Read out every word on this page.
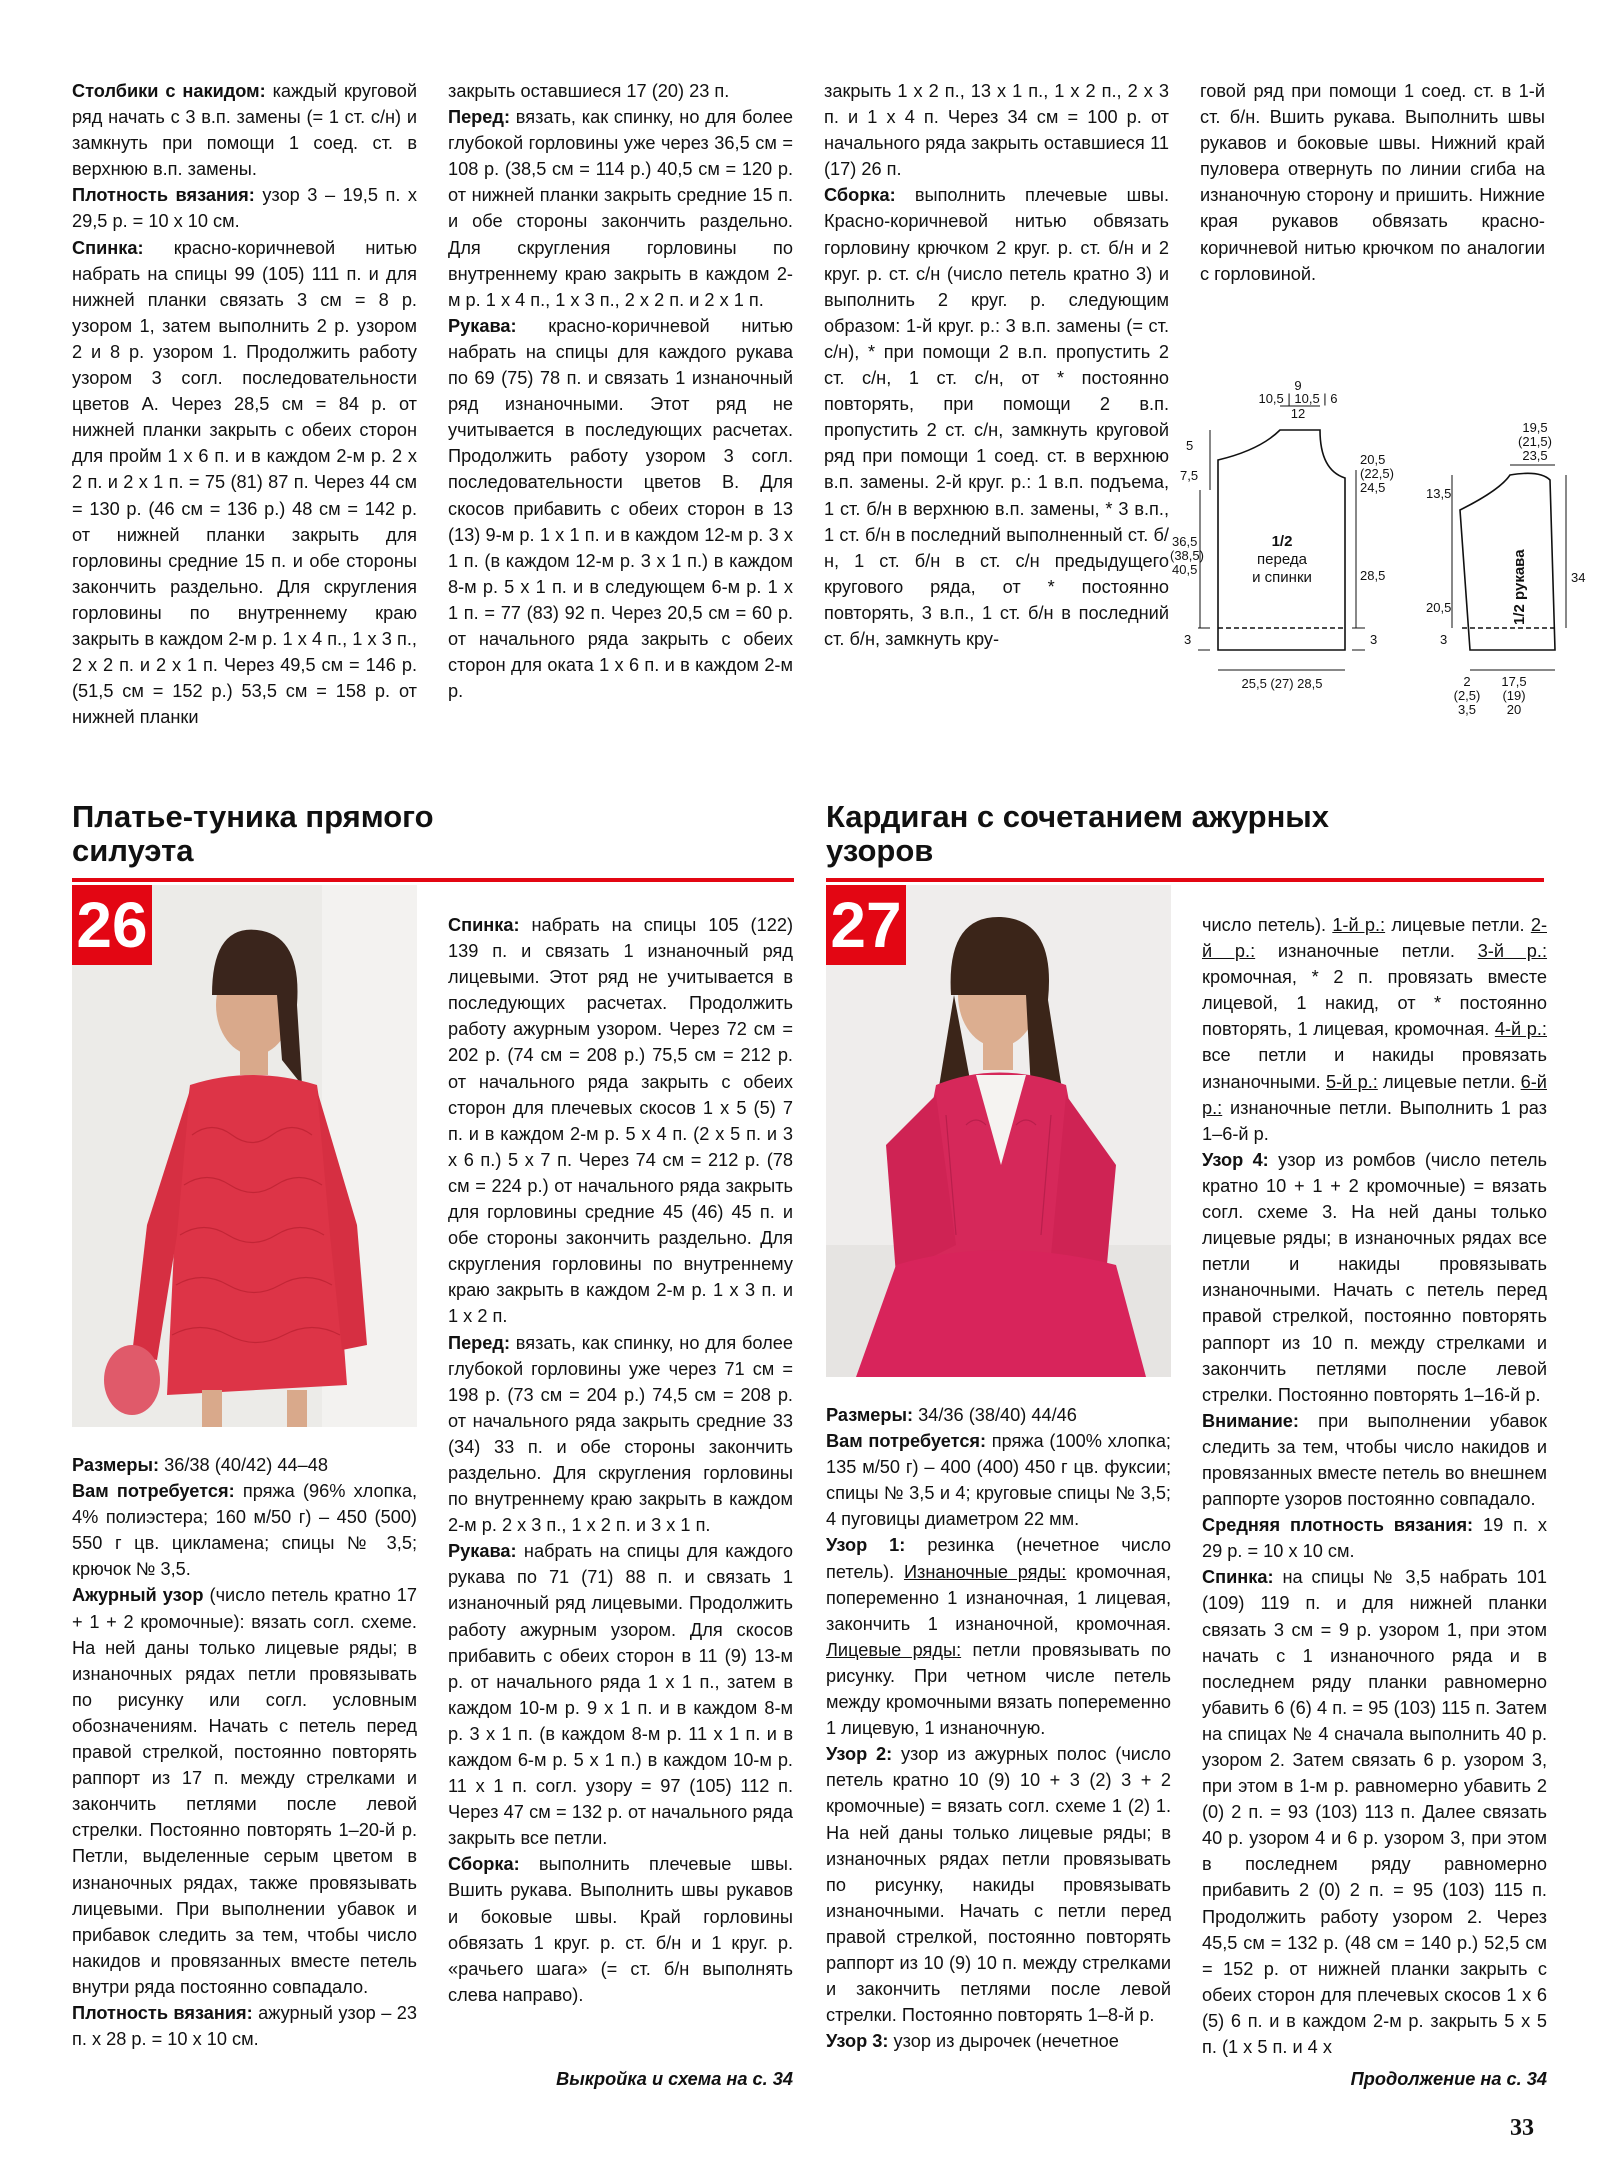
Столбики с накидом: каждый круговой ряд начать с 3 в.п. замены (= 1 ст. с/н) и замкнуть при помощи 1 соед. ст. в верхнюю в.п. замены.

Плотность вязания: узор 3 – 19,5 п. х 29,5 р. = 10 х 10 см.

Спинка: красно-коричневой нитью набрать на спицы 99 (105) 111 п. и для нижней планки связать 3 см = 8 р. узором 1, затем выполнить 2 р. узором 2 и 8 р. узором 1. Продолжить работу узором 3 согл. последовательности цветов А. Через 28,5 см = 84 р. от нижней планки закрыть с обеих сторон для пройм 1 х 6 п. и в каждом 2-м р. 2 х 2 п. и 2 х 1 п. = 75 (81) 87 п. Через 44 см = 130 р. (46 см = 136 р.) 48 см = 142 р. от нижней планки закрыть для горловины средние 15 п. и обе стороны закончить раздельно. Для скругления горловины по внутреннему краю закрыть в каждом 2-м р. 1 х 4 п., 1 х 3 п., 2 х 2 п. и 2 х 1 п. Через 49,5 см = 146 р. (51,5 см = 152 р.) 53,5 см = 158 р. от нижней планки

закрыть оставшиеся 17 (20) 23 п.

Перед: вязать, как спинку, но для более глубокой горловины уже через 36,5 см = 108 р. (38,5 см = 114 р.) 40,5 см = 120 р. от нижней планки закрыть средние 15 п. и обе стороны закончить раздельно. Для скругления горловины по внутреннему краю закрыть в каждом 2-м р. 1 х 4 п., 1 х 3 п., 2 х 2 п. и 2 х 1 п.

Рукава: красно-коричневой нитью набрать на спицы для каждого рукава по 69 (75) 78 п. и связать 1 изнаночный ряд изнаночными. Этот ряд не учитывается в последующих расчетах. Продолжить работу узором 3 согл. последовательности цветов В. Для скосов прибавить с обеих сторон в 13 (13) 9-м р. 1 х 1 п. и в каждом 12-м р. 3 х 1 п. (в каждом 12-м р. 3 х 1 п.) в каждом 8-м р. 5 х 1 п. и в следующем 6-м р. 1 х 1 п. = 77 (83) 92 п. Через 20,5 см = 60 р. от начального ряда закрыть с обеих сторон для оката 1 х 6 п. и в каждом 2-м р.

закрыть 1 х 2 п., 13 х 1 п., 1 х 2 п., 2 х 3 п. и 1 х 4 п. Через 34 см = 100 р. от начального ряда закрыть оставшиеся 11 (17) 26 п.

Сборка: выполнить плечевые швы. Красно-коричневой нитью обвязать горловину крючком 2 круг. р. ст. б/н и 2 круг. р. ст. с/н (число петель кратно 3) и выполнить 2 круг. р. следующим образом: 1-й круг. р.: 3 в.п. замены (= ст. с/н), * при помощи 2 в.п. пропустить 2 ст. с/н, 1 ст. с/н, от * постоянно повторять, при помощи 2 в.п. пропустить 2 ст. с/н, замкнуть круговой ряд при помощи 1 соед. ст. в верхнюю в.п. замены. 2-й круг. р.: 1 в.п. подъема, 1 ст. б/н в верхнюю в.п. замены, * 3 в.п., 1 ст. б/н в последний выполненный ст. б/н, 1 ст. б/н в ст. с/н предыдущего кругового ряда, от * постоянно повторять, 3 в.п., 1 ст. б/н в последний ст. б/н, замкнуть кру-

говой ряд при помощи 1 соед. ст. в 1-й ст. б/н. Вшить рукава. Выполнить швы рукавов и боковые швы. Нижний край пуловера отвернуть по линии сгиба на изнаночную сторону и пришить. Нижние края рукавов обвязать красно-коричневой нитью крючком по аналогии с горловиной.

9
10,5 | 10,5 | 6
12
5
7,5
20,5
(22,5)
24,5
36,5
(38,5)
40,5	28,5
1/2
переда
и спинки
3	3
25,5 (27) 28,5
19,5
(21,5)
23,5
13,5
20,5
34
1/2 рукава
3
2
(2,5)
3,5
17,5
(19)
20
Платье-туника прямого
силуэта
Кардиган с сочетанием ажурных
узоров
26	27

Размеры: 36/38 (40/42) 44–48

Вам потребуется: пряжа (96% хлопка, 4% полиэстера; 160 м/50 г) – 450 (500) 550 г цв. цикламена; спицы № 3,5; крючок № 3,5.

Ажурный узор (число петель кратно 17 + 1 + 2 кромочные): вязать согл. схеме. На ней даны только лицевые ряды; в изнаночных рядах петли провязывать по рисунку или согл. условным обозначениям. Начать с петель перед правой стрелкой, постоянно повторять раппорт из 17 п. между стрелками и закончить петлями после левой стрелки. Постоянно повторять 1–20-й р. Петли, выделенные серым цветом в изнаночных рядах, также провязывать лицевыми. При выполнении убавок и прибавок следить за тем, чтобы число накидов и провязанных вместе петель внутри ряда постоянно совпадало.

Плотность вязания: ажурный узор – 23 п. х 28 р. = 10 х 10 см.

Спинка: набрать на спицы 105 (122) 139 п. и связать 1 изнаночный ряд лицевыми. Этот ряд не учитывается в последующих расчетах. Продолжить работу ажурным узором. Через 72 см = 202 р. (74 см = 208 р.) 75,5 см = 212 р. от начального ряда закрыть с обеих сторон для плечевых скосов 1 х 5 (5) 7 п. и в каждом 2-м р. 5 х 4 п. (2 х 5 п. и 3 х 6 п.) 5 х 7 п. Через 74 см = 212 р. (78 см = 224 р.) от начального ряда закрыть для горловины средние 45 (46) 45 п. и обе стороны закончить раздельно. Для скругления горловины по внутреннему краю закрыть в каждом 2-м р. 1 х 3 п. и 1 х 2 п.

Перед: вязать, как спинку, но для более глубокой горловины уже через 71 см = 198 р. (73 см = 204 р.) 74,5 см = 208 р. от начального ряда закрыть средние 33 (34) 33 п. и обе стороны закончить раздельно. Для скругления горловины по внутреннему краю закрыть в каждом 2-м р. 2 х 3 п., 1 х 2 п. и 3 х 1 п.

Рукава: набрать на спицы для каждого рукава по 71 (71) 88 п. и связать 1 изнаночный ряд лицевыми. Продолжить работу ажурным узором. Для скосов прибавить с обеих сторон в 11 (9) 13-м р. от начального ряда 1 х 1 п., затем в каждом 10-м р. 9 х 1 п. и в каждом 8-м р. 3 х 1 п. (в каждом 8-м р. 11 х 1 п. и в каждом 6-м р. 5 х 1 п.) в каждом 10-м р. 11 х 1 п. согл. узору = 97 (105) 112 п. Через 47 см = 132 р. от начального ряда закрыть все петли.

Сборка: выполнить плечевые швы. Вшить рукава. Выполнить швы рукавов и боковые швы. Край горловины обвязать 1 круг. р. ст. б/н и 1 круг. р. «рачьего шага» (= ст. б/н выполнять слева направо).

Выкройка и схема на с. 34

Размеры: 34/36 (38/40) 44/46

Вам потребуется: пряжа (100% хлопка; 135 м/50 г) – 400 (400) 450 г цв. фуксии; спицы № 3,5 и 4; круговые спицы № 3,5; 4 пуговицы диаметром 22 мм.

Узор 1: резинка (нечетное число петель). Изнаночные ряды: кромочная, попеременно 1 изнаночная, 1 лицевая, закончить 1 изнаночной, кромочная. Лицевые ряды: петли провязывать по рисунку. При четном числе петель между кромочными вязать попеременно 1 лицевую, 1 изнаночную.

Узор 2: узор из ажурных полос (число петель кратно 10 (9) 10 + 3 (2) 3 + 2 кромочные) = вязать согл. схеме 1 (2) 1. На ней даны только лицевые ряды; в изнаночных рядах петли провязывать по рисунку, накиды провязывать изнаночными. Начать с петли перед правой стрелкой, постоянно повторять раппорт из 10 (9) 10 п. между стрелками и закончить петлями после левой стрелки. Постоянно повторять 1–8-й р.

Узор 3: узор из дырочек (нечетное

число петель). 1-й р.: лицевые петли. 2-й р.: изнаночные петли. 3-й р.: кромочная, * 2 п. провязать вместе лицевой, 1 накид, от * постоянно повторять, 1 лицевая, кромочная. 4-й р.: все петли и накиды провязать изнаночными. 5-й р.: лицевые петли. 6-й р.: изнаночные петли. Выполнить 1 раз 1–6-й р.

Узор 4: узор из ромбов (число петель кратно 10 + 1 + 2 кромочные) = вязать согл. схеме 3. На ней даны только лицевые ряды; в изнаночных рядах все петли и накиды провязывать изнаночными. Начать с петель перед правой стрелкой, постоянно повторять раппорт из 10 п. между стрелками и закончить петлями после левой стрелки. Постоянно повторять 1–16-й р.

Внимание: при выполнении убавок следить за тем, чтобы число накидов и провязанных вместе петель во внешнем раппорте узоров постоянно совпадало.

Средняя плотность вязания: 19 п. х 29 р. = 10 х 10 см.

Спинка: на спицы № 3,5 набрать 101 (109) 119 п. и для нижней планки связать 3 см = 9 р. узором 1, при этом начать с 1 изнаночного ряда и в последнем ряду планки равномерно убавить 6 (6) 4 п. = 95 (103) 115 п. Затем на спицах № 4 сначала выполнить 40 р. узором 2. Затем связать 6 р. узором 3, при этом в 1-м р. равномерно убавить 2 (0) 2 п. = 93 (103) 113 п. Далее связать 40 р. узором 4 и 6 р. узором 3, при этом в последнем ряду равномерно прибавить 2 (0) 2 п. = 95 (103) 115 п. Продолжить работу узором 2. Через 45,5 см = 132 р. (48 см = 140 р.) 52,5 см = 152 р. от нижней планки закрыть с обеих сторон для плечевых скосов 1 х 6 (5) 6 п. и в каждом 2-м р. закрыть 5 х 5 п. (1 х 5 п. и 4 х

Продолжение на с. 34
33
